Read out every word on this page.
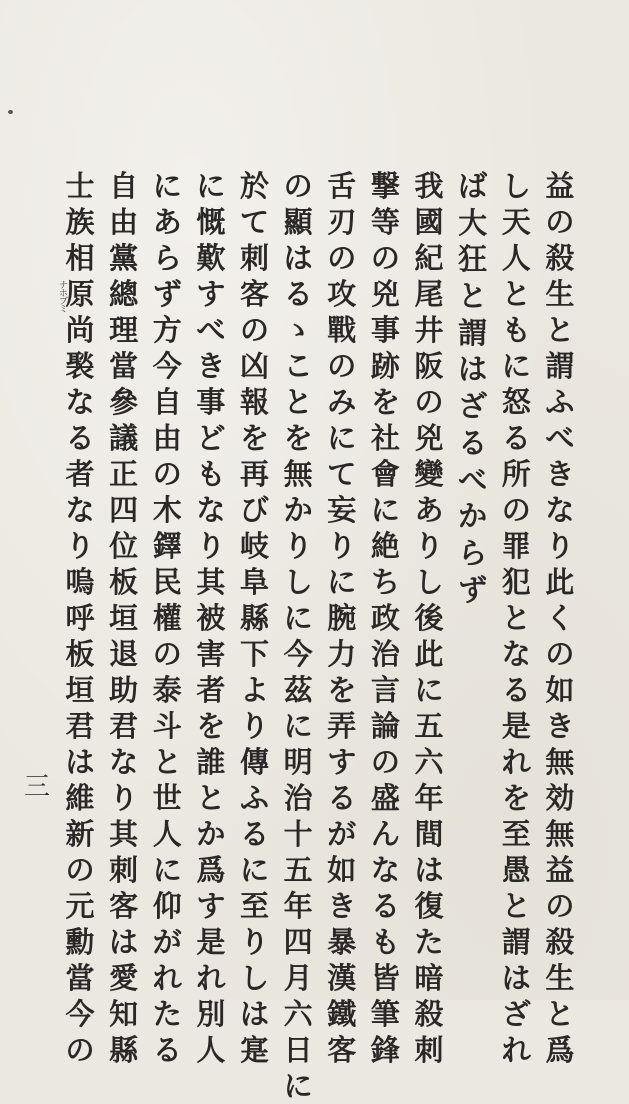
益
の
殺
生
と
謂
ふ
べ
き
な
り
此
く
の
如
き
無
効
無
益
の
殺
生
と
爲
し
天
人
と
も
に
怒
る
所
の
罪
犯
と
な
る
是
れ
を
至
愚
と
謂
は
ざ
れ
ば
大
狂
と
謂
は
ざ
る
べ
か
ら
ず
我
國
紀
尾
井
阪
の
兇
變
あ
り
し
後
此
に
五
六
年
間
は
復
た
暗
殺
刺
撃
等
の
兇
事
跡
を
社
會
に
絶
ち
政
治
言
論
の
盛
ん
な
る
も
皆
筆
鋒
舌
刃
の
攻
戰
の
み
に
て
妄
り
に
腕
力
を
弄
す
る
が
如
き
暴
漢
鐵
客
の
顯
は
る
ゝ
こ
と
を
無
か
り
し
に
今
茲
に
明
治
十
五
年
四
月
六
日
に
於
て
刺
客
の
凶
報
を
再
び
岐
阜
縣
下
よ
り
傳
ふ
る
に
至
り
し
は
寔
に
慨
歎
す
べ
き
事
ど
も
な
り
其
被
害
者
を
誰
と
か
爲
す
是
れ
別
人
に
あ
ら
ず
方
今
自
由
の
木
鐸
民
權
の
泰
斗
と
世
人
に
仰
が
れ
た
る
自
由
黨
總
理
當
參
議
正
四
位
板
垣
退
助
君
な
り
其
刺
客
は
愛
知
縣
士
族
相
原
尚
褧
な
る
者
な
り
嗚
呼
板
垣
君
は
維
新
の
元
勳
當
今
の
三
ナホブミ
